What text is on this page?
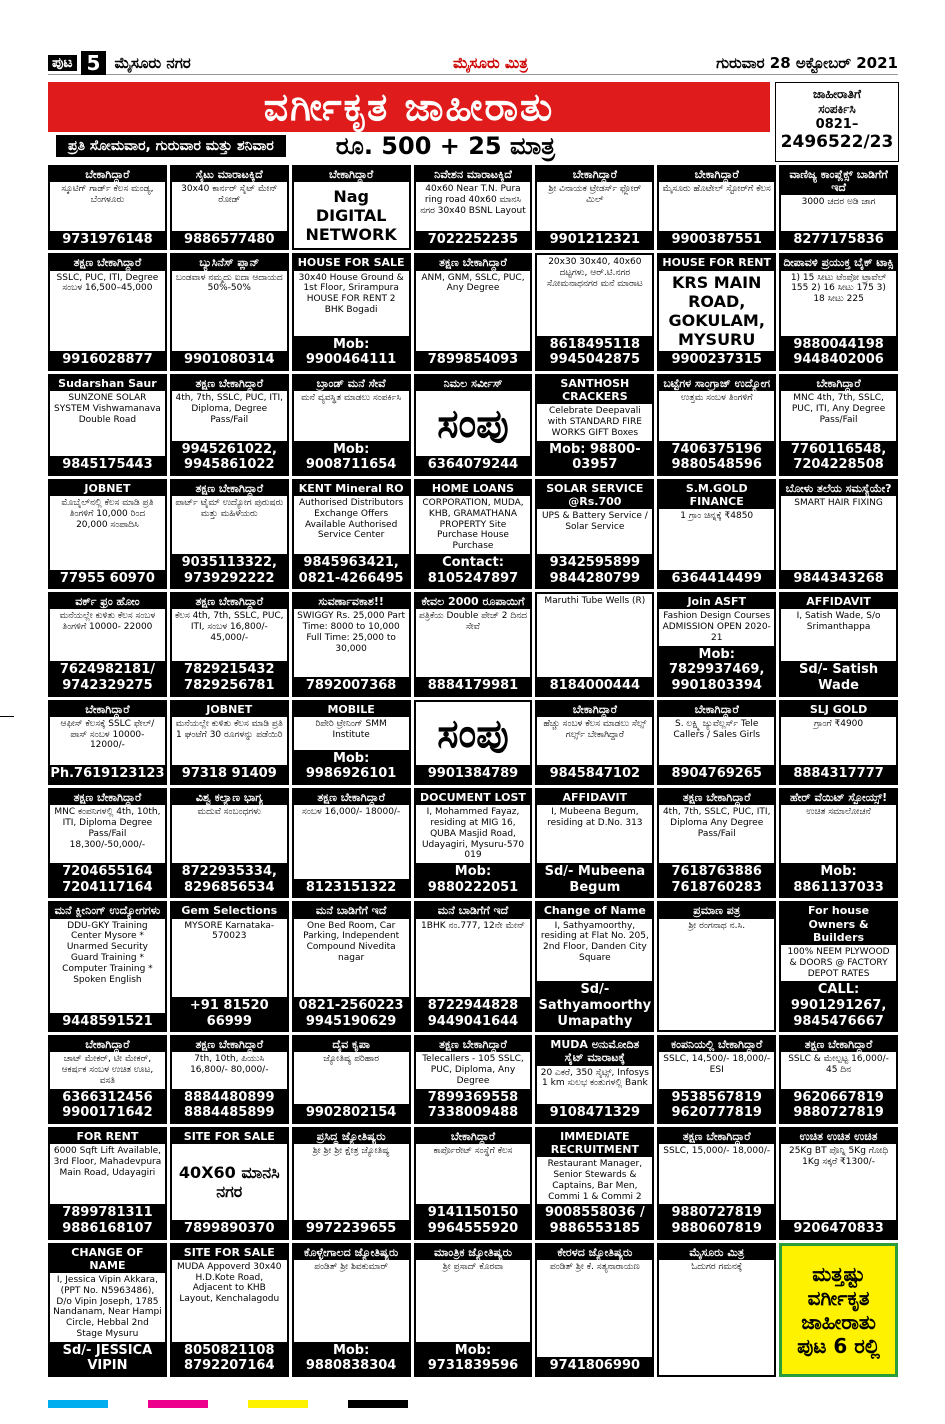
ಪುಟ 5 ಮೈಸೂರು ನಗರ	ಮೈಸೂರು ಮಿತ್ರ	ಗುರುವಾರ 28 ಅಕ್ಟೋಬರ್ 2021
ವರ್ಗೀಕೃತ ಜಾಹೀರಾತು
ಪ್ರತಿ ಸೋಮವಾರ, ಗುರುವಾರ ಮತ್ತು ಶನಿವಾರ	ರೂ. 500 + 25 ಮಾತ್ರ
ಜಾಹೀರಾತಿಗೆ
ಸಂಪರ್ಕಿಸಿ
0821–
2496522/23
ಬೇಕಾಗಿದ್ದಾರೆ
ಸ್ಕೂಟಿಗ್ ಗಾರ್ಡ್ ಕೆಲಸ ಮಂಡ್ಯ, ಬೆಂಗಳೂರು
9731976148
ಸೈಟು ಮಾರಾಟಕ್ಕಿದೆ
30x40 ಕಾರ್ನರ್ ಸೈಟ್ ಮೇನ್ ರೋಡ್
9886577480
ಬೇಕಾಗಿದ್ದಾರೆ
Nag DIGITAL NETWORK
ನಿವೇಶನ ಮಾರಾಟಕ್ಕಿದೆ
40x60 Near T.N. Pura ring road 40x60 ಮಾನಸಿ ನಗರ 30x40 BSNL Layout
7022252235
ಬೇಕಾಗಿದ್ದಾರೆ
ಶ್ರೀ ವಿನಾಯಕ ಟ್ರೇಡರ್ಸ್ ಫ್ಲೋರ್ ಮಿಲ್
9901212321
ಬೇಕಾಗಿದ್ದಾರೆ
ಮೈಸೂರು ಹೊಟೇಲ್ ಸ್ಟೋರ್‌ಗೆ ಕೆಲಸ
9900387551
ವಾಣಿಜ್ಯ ಕಾಂಪ್ಲೆಕ್ಸ್ ಬಾಡಿಗೆಗೆ ಇದೆ
3000 ಚದರ ಅಡಿ ಜಾಗ
8277175836
ತಕ್ಷಣ ಬೇಕಾಗಿದ್ದಾರೆ
SSLC, PUC, ITI, Degree ಸಂಬಳ 16,500–45,000
9916028877
ಬ್ಯುಸಿನೆಸ್ ಪ್ಲಾನ್
ಬಂಡವಾಳ ನಮ್ಮದು ಐದಾ ಆದಾಯದ 50%-50%
9901080314
HOUSE FOR SALE
30x40 House Ground & 1st Floor, Srirampura HOUSE FOR RENT 2 BHK Bogadi
Mob: 9900464111
ತಕ್ಷಣ ಬೇಕಾಗಿದ್ದಾರೆ
ANM, GNM, SSLC, PUC, Any Degree
7899854093
20x30 30x40, 40x60 ದಟ್ಟಗಳು, ಆರ್.ಟಿ.ನಗರ ಸೋಮನಾಥನಗರ ಮನೆ ಮಾರಾಟ
8618495118 9945042875
HOUSE FOR RENT
KRS MAIN ROAD, GOKULAM, MYSURU
9900237315
ದೀಪಾವಳಿ ಪ್ರಯುಕ್ತ ಬೈಕ್ ಟಾಕ್ಸಿ
1) 15 ಸೀಟು ಟೆಂಪೋ ಟ್ರಾವೆಲ್ 155 2) 16 ಸೀಟು 175 3) 18 ಸೀಟು 225
9880044198 9448402006
Sudarshan Saur
SUNZONE SOLAR SYSTEM Vishwamanava Double Road
9845175443
ತಕ್ಷಣ ಬೇಕಾಗಿದ್ದಾರೆ
4th, 7th, SSLC, PUC, ITI, Diploma, Degree Pass/Fail
9945261022, 9945861022
ಬ್ರಾಂಡ್ ಮನೆ ಸೇವೆ
ಮನೆ ವ್ಯವಸ್ಥಿತ ಮಾಡಲು ಸಂಪರ್ಕಿಸಿ
Mob: 9008711654
ನಿಮಲ ಸರ್ವೀಸ್
ಸಂಪು
6364079244
SANTHOSH CRACKERS
Celebrate Deepavali with STANDARD FIRE WORKS GIFT Boxes
Mob: 98800-03957
ಬಟ್ಟೆಗಳ ಸಾಂಗ್ರಾಜ್ ಉದ್ಯೋಗ
ಉತ್ತಮ ಸಂಬಳ ತಿಂಗಳಿಗೆ
7406375196 9880548596
ಬೇಕಾಗಿದ್ದಾರೆ
MNC 4th, 7th, SSLC, PUC, ITI, Any Degree Pass/Fail
7760116548, 7204228508
JOBNET
ಮೊಬೈಲ್‌ನಲ್ಲಿ ಕೆಲಸ ಮಾಡಿ ಪ್ರತಿ ತಿಂಗಳಿಗೆ 10,000 ರಿಂದ 20,000 ಸಂಪಾದಿಸಿ
77955 60970
ತಕ್ಷಣ ಬೇಕಾಗಿದ್ದಾರೆ
ಪಾರ್ಟ್ ಟೈಮ್ ಉದ್ಯೋಗ ಪುರುಷರು ಮತ್ತು ಮಹಿಳೆಯರು
9035113322, 9739292222
KENT Mineral RO
Authorised Distributors Exchange Offers Available Authorised Service Center
9845963421, 0821-4266495
HOME LOANS
CORPORATION, MUDA, KHB, GRAMATHANA PROPERTY Site Purchase House Purchase
Contact: 8105247897
SOLAR SERVICE @Rs.700
UPS & Battery Service / Solar Service
9342595899 9844280799
S.M.GOLD FINANCE
1 ಗ್ರಾಂ ಚಿನ್ನಕ್ಕೆ ₹4850
6364414499
ಬೋಳು ತಲೆಯ ಸಮಸ್ಯೆಯೇ?
SMART HAIR FIXING
9844343268
ವರ್ಕ್ ಫ್ರಂ ಹೋಂ
ಮನೆಯಲ್ಲೇ ಕುಳಿತು ಕೆಲಸ ಸಂಬಳ ತಿಂಗಳಿಗೆ 10000- 22000
7624982181/ 9742329275
ತಕ್ಷಣ ಬೇಕಾಗಿದ್ದಾರೆ
ಕೆಲಸ 4th, 7th, SSLC, PUC, ITI, ಸಂಬಳ 16,800/- 45,000/-
7829215432 7829256781
ಸುವರ್ಣಾವಕಾಶ!!
SWIGGY Rs. 25,000 Part Time: 8000 to 10,000 Full Time: 25,000 to 30,000
7892007368
ಕೇವಲ 2000 ರೂಪಾಯಿಗೆ
ಪತ್ರಿಕೆಯ Double ಪೇಜ್ 2 ದಿನದ ಸೇವೆ
8884179981
Maruthi Tube Wells (R)
8184000444
Join ASFT
Fashion Design Courses ADMISSION OPEN 2020-21
Mob: 7829937469, 9901803394
AFFIDAVIT
I, Satish Wade, S/o Srimanthappa
Sd/- Satish Wade
ಬೇಕಾಗಿದ್ದಾರೆ
ಆಫೀಸ್ ಕೆಲಸಕ್ಕೆ SSLC ಫೇಲ್/ಪಾಸ್ ಸಂಬಳ 10000-12000/-
Ph.7619123123
JOBNET
ಮನೆಯಲ್ಲೇ ಕುಳಿತು ಕೆಲಸ ಮಾಡಿ ಪ್ರತಿ 1 ಘಂಟೆಗೆ 30 ರೂಗಳನ್ನು ಪಡೆಯಿರಿ
97318 91409
MOBILE
ರಿಪೇರಿ ಟ್ರೇನಿಂಗ್ SMM Institute
Mob: 9986926101
ಸಂಪು
9901384789
ಬೇಕಾಗಿದ್ದಾರೆ
ಹೆಚ್ಚು ಸಂಬಳ ಕೆಲಸ ಮಾಡಲು ಸೆಲ್ಸ್ ಗರ್ಲ್ಸ್ ಬೇಕಾಗಿದ್ದಾರೆ
9845847102
ಬೇಕಾಗಿದ್ದಾರೆ
S. ಲಕ್ಷ್ಮಿ ಜ್ಯುವೆಲ್ಲರ್ಸ್ Tele Callers / Sales Girls
8904769265
SLJ GOLD
ಗ್ರಾಂಗೆ ₹4900
8884317777
ತಕ್ಷಣ ಬೇಕಾಗಿದ್ದಾರೆ
MNC ಕಂಪನಿಗಳಲ್ಲಿ 4th, 10th, ITI, Diploma Degree Pass/Fail 18,300/-50,000/-
7204655164 7204117164
ವಿಶ್ವ ಕಲ್ಯಾಣ ಭಾಗ್ಯ
ಮದುವೆ ಸಂಬಂಧಗಳು
8722935334, 8296856534
ತಕ್ಷಣ ಬೇಕಾಗಿದ್ದಾರೆ
ಸಂಬಳ 16,000/- 18000/-
8123151322
DOCUMENT LOST
I, Mohammed Fayaz, residing at MIG 16, QUBA Masjid Road, Udayagiri, Mysuru-570 019
Mob: 9880222051
AFFIDAVIT
I, Mubeena Begum, residing at D.No. 313
Sd/- Mubeena Begum
ತಕ್ಷಣ ಬೇಕಾಗಿದ್ದಾರೆ
4th, 7th, SSLC, PUC, ITI, Diploma Any Degree Pass/Fail
7618763886 7618760283
ಹೇರ್ ವೆಯಿಟ್ ಸ್ಪೋಯ್ಸ್!
ಉಚಿತ ಸಮಾಲೋಚನೆ
Mob: 8861137033
ಮನೆ ಕ್ಲೀನಿಂಗ್ ಉದ್ಯೋಗಗಳು
DDU-GKY Training Center Mysore * Unarmed Security Guard Training * Computer Training * Spoken English
9448591521
Gem Selections
MYSORE Karnataka-570023
+91 81520 66999
ಮನೆ ಬಾಡಿಗೆಗೆ ಇದೆ
One Bed Room, Car Parking, Independent Compound Nivedita nagar
0821-2560223 9945190629
ಮನೆ ಬಾಡಿಗೆಗೆ ಇದೆ
1BHK ನಂ.777, 12ನೇ ಮೇನ್
8722944828 9449041644
Change of Name
I, Sathyamoorthy, residing at Flat No. 205, 2nd Floor, Danden City Square
Sd/- Sathyamoorthy Umapathy
ಪ್ರಮಾಣ ಪತ್ರ
ಶ್ರೀ ರಂಗನಾಥ ನ.ಸಿ.
For house Owners & Builders
100% NEEM PLYWOOD & DOORS @ FACTORY DEPOT RATES
CALL: 9901291267, 9845476667
ಬೇಕಾಗಿದ್ದಾರೆ
ಚಾಟ್ ಮೇಕರ್, ಟೀ ಮೇಕರ್, ಆಕರ್ಷಕ ಸಂಬಳ ಉಚಿತ ಊಟ, ವಸತಿ
6366312456 9900171642
ತಕ್ಷಣ ಬೇಕಾಗಿದ್ದಾರೆ
7th, 10th, ಪಿಯುಸಿ 16,800/- 80,000/-
8884480899 8884485899
ದೈವ ಕೃಪಾ
ಜ್ಯೋತಿಷ್ಯ ಪರಿಹಾರ
9902802154
ತಕ್ಷಣ ಬೇಕಾಗಿದ್ದಾರೆ
Telecallers - 105 SSLC, PUC, Diploma, Any Degree
7899369558 7338009488
MUDA ಅನುಮೋದಿತ ಸೈಟ್ ಮಾರಾಟಕ್ಕೆ
20 ಎಕರೆ, 350 ಸೈಟ್ಸ್, Infosys 1 km ಸುಲಭ ಕಂತುಗಳಲ್ಲಿ Bank
9108471329
ಕಂಪನಿಯಲ್ಲಿ ಬೇಕಾಗಿದ್ದಾರೆ
SSLC, 14,500/- 18,000/- ESI
9538567819 9620777819
ತಕ್ಷಣ ಬೇಕಾಗಿದ್ದಾರೆ
SSLC & ಮೇಲ್ಪಟ್ಟ 16,000/- 45 ದಿನ
9620667819 9880727819
FOR RENT
6000 Sqft Lift Available, 3rd Floor, Mahadevpura Main Road, Udayagiri
7899781311 9886168107
SITE FOR SALE
40X60 ಮಾನಸಿ ನಗರ
7899890370
ಪ್ರಸಿದ್ಧ ಜ್ಯೋತಿಷ್ಯರು
ಶ್ರೀ ಶ್ರೀ ಶ್ರೀ ಕ್ಷೇತ್ರ ಜ್ಯೋತಿಷ್ಯ
9972239655
ಬೇಕಾಗಿದ್ದಾರೆ
ಕಾರ್ಪೊರೇಟ್ ಸಂಸ್ಥೆಗೆ ಕೆಲಸ
9141150150 9964555920
IMMEDIATE RECRUITMENT
Restaurant Manager, Senior Stewards & Captains, Bar Men, Commi 1 & Commi 2
9008558036 / 9886553185
ತಕ್ಷಣ ಬೇಕಾಗಿದ್ದಾರೆ
SSLC, 15,000/- 18,000/-
9880727819 9880607819
ಉಚಿತ ಉಚಿತ ಉಚಿತ
25Kg BT ಪೊನ್ನಿ 5Kg ಗೋಧಿ 1Kg ಸಕ್ಕರೆ ₹1300/-
9206470833
CHANGE OF NAME
I, Jessica Vipin Akkara, (PPT No. N5963486), D/o Vipin Joseph, 1785 Nandanam, Near Hampi Circle, Hebbal 2nd Stage Mysuru
Sd/- JESSICA VIPIN
SITE FOR SALE
MUDA Appoverd 30x40 H.D.Kote Road, Adjacent to KHB Layout, Kenchalagodu
8050821108 8792207164
ಕೊಳ್ಳೇಗಾಲದ ಜ್ಯೋತಿಷ್ಯರು
ಪಂಡಿತ್ ಶ್ರೀ ಶಿವಕುಮಾರ್
Mob: 9880838304
ಮಾಂತ್ರಿಕ ಜ್ಯೋತಿಷ್ಯರು
ಶ್ರೀ ಪ್ರಸಾದ್ ಕೊರವಾ
Mob: 9731839596
ಕೇರಳದ ಜ್ಯೋತಿಷ್ಯರು
ಪಂಡಿತ್ ಶ್ರೀ ಕೆ. ಸತ್ಯನಾರಾಯಣ
9741806990
ಮೈಸೂರು ಮಿತ್ರ
ಓದುಗರ ಗಮನಕ್ಕೆ	ಮತ್ತಷ್ಟು ವರ್ಗೀಕೃತ ಜಾಹೀರಾತು ಪುಟ 6 ರಲ್ಲಿ
